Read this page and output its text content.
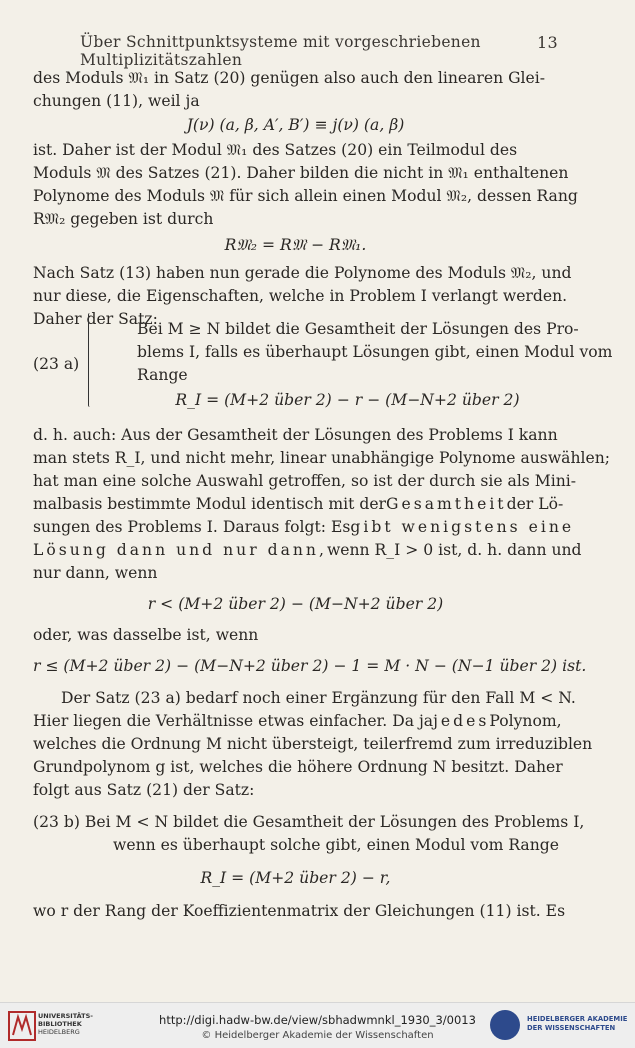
Über Schnittpunktsysteme mit vorgeschriebenen Multiplizitätszahlen
13
des Moduls 𝔐₁ in Satz (20) genügen also auch den linearen Glei-
chungen (11), weil ja
J(ν) (a, β, A′, B′) ≡ j(ν) (a, β)
ist. Daher ist der Modul 𝔐₁ des Satzes (20) ein Teilmodul des
Moduls 𝔐 des Satzes (21). Daher bilden die nicht in 𝔐₁ enthaltenen
Polynome des Moduls 𝔐 für sich allein einen Modul 𝔐₂, dessen Rang
R𝔐₂ gegeben ist durch
R𝔐₂ = R𝔐 − R𝔐₁.
Nach Satz (13) haben nun gerade die Polynome des Moduls 𝔐₂, und
nur diese, die Eigenschaften, welche in Problem I verlangt werden.
Daher der Satz:
(23 a)
Bei M ≥ N bildet die Gesamtheit der Lösungen des Pro-
blems I, falls es überhaupt Lösungen gibt, einen Modul vom
Range
R_I = (M+2 über 2) − r − (M−N+2 über 2)
d. h. auch: Aus der Gesamtheit der Lösungen des Problems I kann
man stets R_I, und nicht mehr, linear unabhängige Polynome auswählen;
hat man eine solche Auswahl getroffen, so ist der durch sie als Mini-
malbasis bestimmte Modul identisch mit der Gesamtheit der Lö-
sungen des Problems I. Daraus folgt: Es gibt wenigstens eine
Lösung dann und nur dann, wenn R_I > 0 ist, d. h. dann und
nur dann, wenn
r < (M+2 über 2) − (M−N+2 über 2)
oder, was dasselbe ist, wenn
r ≤ (M+2 über 2) − (M−N+2 über 2) − 1 = M · N − (N−1 über 2) ist.
Der Satz (23 a) bedarf noch einer Ergänzung für den Fall M < N.
Hier liegen die Verhältnisse etwas einfacher. Da ja jedes Polynom,
welches die Ordnung M nicht übersteigt, teilerfremd zum irreduziblen
Grundpolynom g ist, welches die höhere Ordnung N besitzt. Daher
folgt aus Satz (21) der Satz:
(23 b) Bei M < N bildet die Gesamtheit der Lösungen des Problems I,
wenn es überhaupt solche gibt, einen Modul vom Range
R_I = (M+2 über 2) − r,
wo r der Rang der Koeffizientenmatrix der Gleichungen (11) ist. Es
UNIVERSITÄTS-
BIBLIOTHEK
HEIDELBERG
http://digi.hadw-bw.de/view/sbhadwmnkl_1930_3/0013
© Heidelberger Akademie der Wissenschaften
HEIDELBERGER AKADEMIE
DER WISSENSCHAFTEN
